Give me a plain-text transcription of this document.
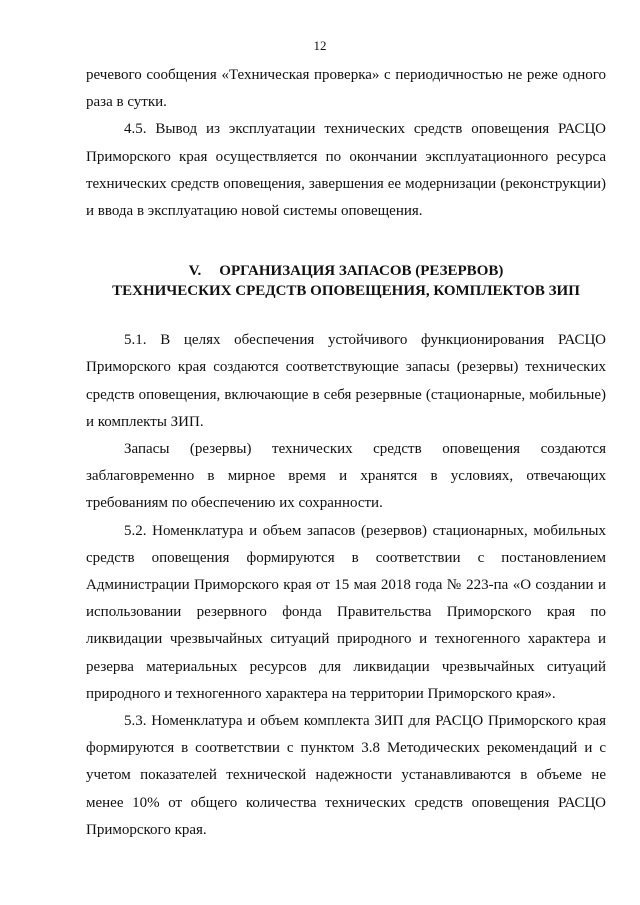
12

речевого сообщения «Техническая проверка» с периодичностью не реже одного раза в сутки.

4.5. Вывод из эксплуатации технических средств оповещения РАСЦО Приморского края осуществляется по окончании эксплуатационного ресурса технических средств оповещения, завершения ее модернизации (реконструкции) и ввода в эксплуатацию новой системы оповещения.

V. ОРГАНИЗАЦИЯ ЗАПАСОВ (РЕЗЕРВОВ)
ТЕХНИЧЕСКИХ СРЕДСТВ ОПОВЕЩЕНИЯ, КОМПЛЕКТОВ ЗИП

5.1. В целях обеспечения устойчивого функционирования РАСЦО Приморского края создаются соответствующие запасы (резервы) технических средств оповещения, включающие в себя резервные (стационарные, мобильные) и комплекты ЗИП.

Запасы (резервы) технических средств оповещения создаются заблаговременно в мирное время и хранятся в условиях, отвечающих требованиям по обеспечению их сохранности.

5.2. Номенклатура и объем запасов (резервов) стационарных, мобильных средств оповещения формируются в соответствии с постановлением Администрации Приморского края от 15 мая 2018 года № 223-па «О создании и использовании резервного фонда Правительства Приморского края по ликвидации чрезвычайных ситуаций природного и техногенного характера и резерва материальных ресурсов для ликвидации чрезвычайных ситуаций природного и техногенного характера на территории Приморского края».

5.3. Номенклатура и объем комплекта ЗИП для РАСЦО Приморского края формируются в соответствии с пунктом 3.8 Методических рекомендаций и с учетом показателей технической надежности устанавливаются в объеме не менее 10% от общего количества технических средств оповещения РАСЦО Приморского края.
